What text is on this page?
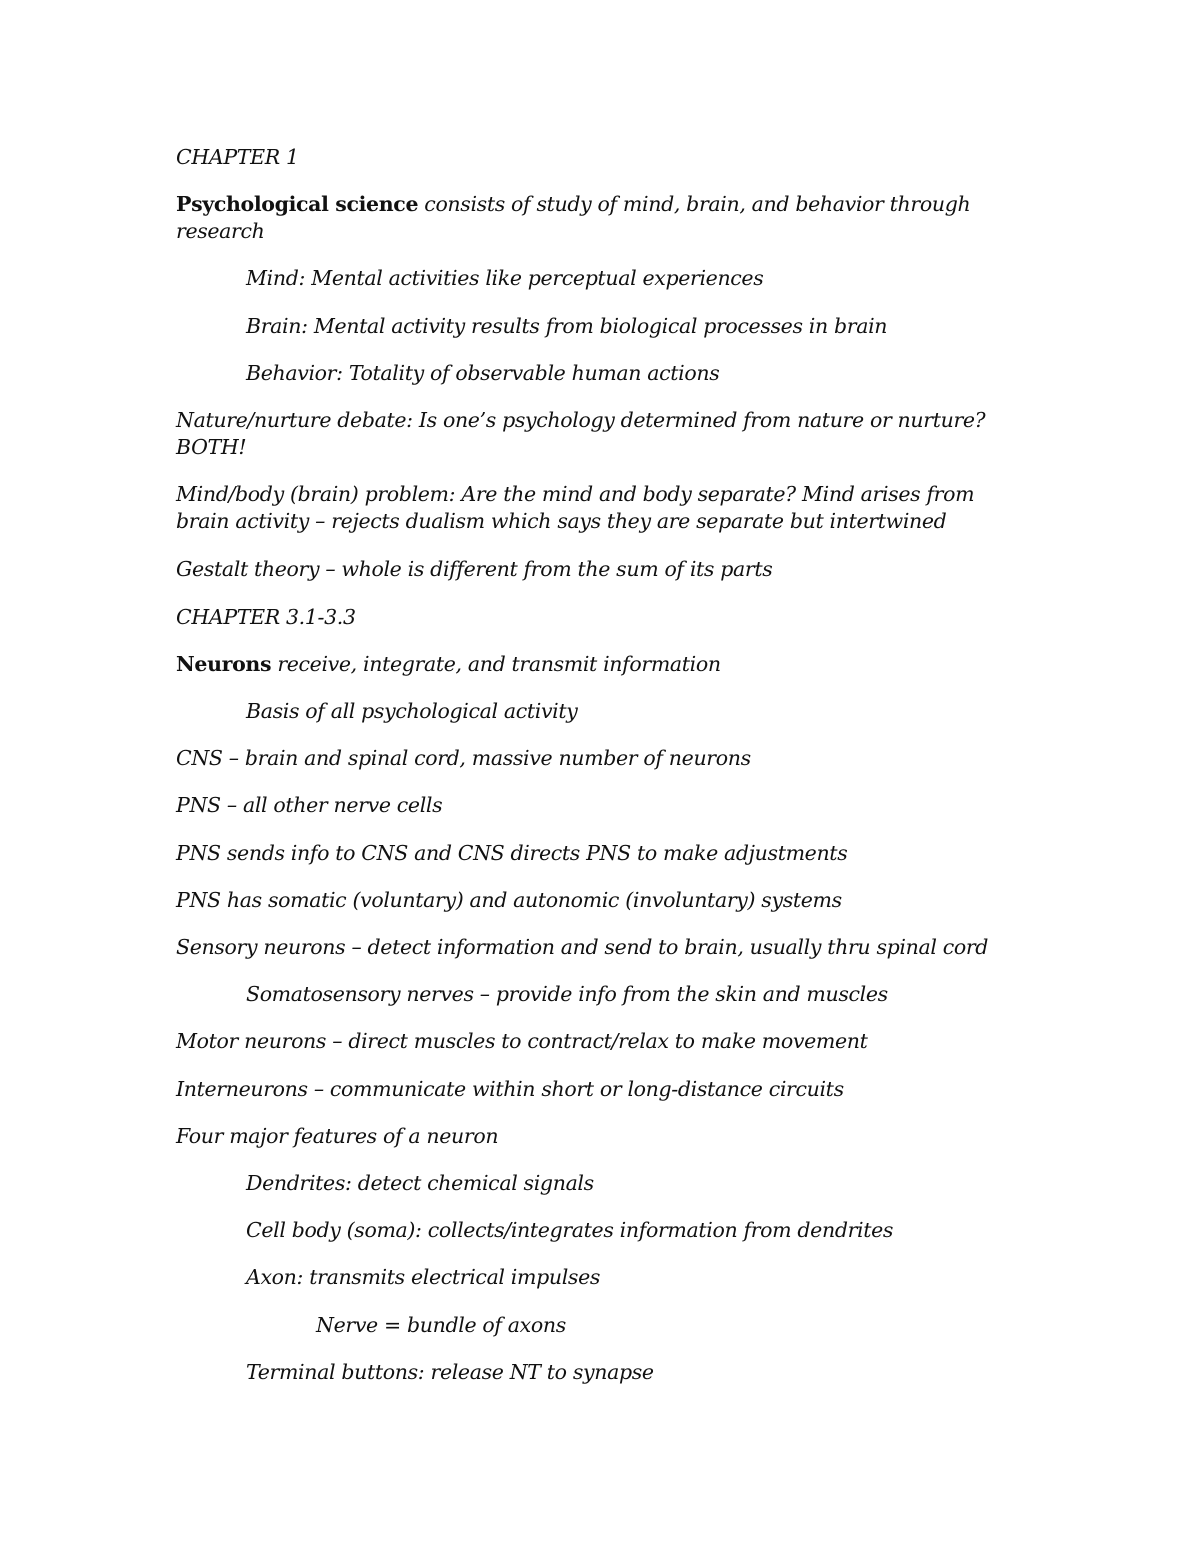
CHAPTER 1
Psychological science consists of study of mind, brain, and behavior through research
Mind: Mental activities like perceptual experiences
Brain: Mental activity results from biological processes in brain
Behavior: Totality of observable human actions
Nature/nurture debate: Is one’s psychology determined from nature or nurture? BOTH!
Mind/body (brain) problem: Are the mind and body separate? Mind arises from brain activity – rejects dualism which says they are separate but intertwined
Gestalt theory – whole is different from the sum of its parts
CHAPTER 3.1-3.3
Neurons receive, integrate, and transmit information
Basis of all psychological activity
CNS – brain and spinal cord, massive number of neurons
PNS – all other nerve cells
PNS sends info to CNS and CNS directs PNS to make adjustments
PNS has somatic (voluntary) and autonomic (involuntary) systems
Sensory neurons – detect information and send to brain, usually thru spinal cord
Somatosensory nerves – provide info from the skin and muscles
Motor neurons – direct muscles to contract/relax to make movement
Interneurons – communicate within short or long-distance circuits
Four major features of a neuron
Dendrites: detect chemical signals
Cell body (soma): collects/integrates information from dendrites
Axon: transmits electrical impulses
Nerve = bundle of axons
Terminal buttons: release NT to synapse
